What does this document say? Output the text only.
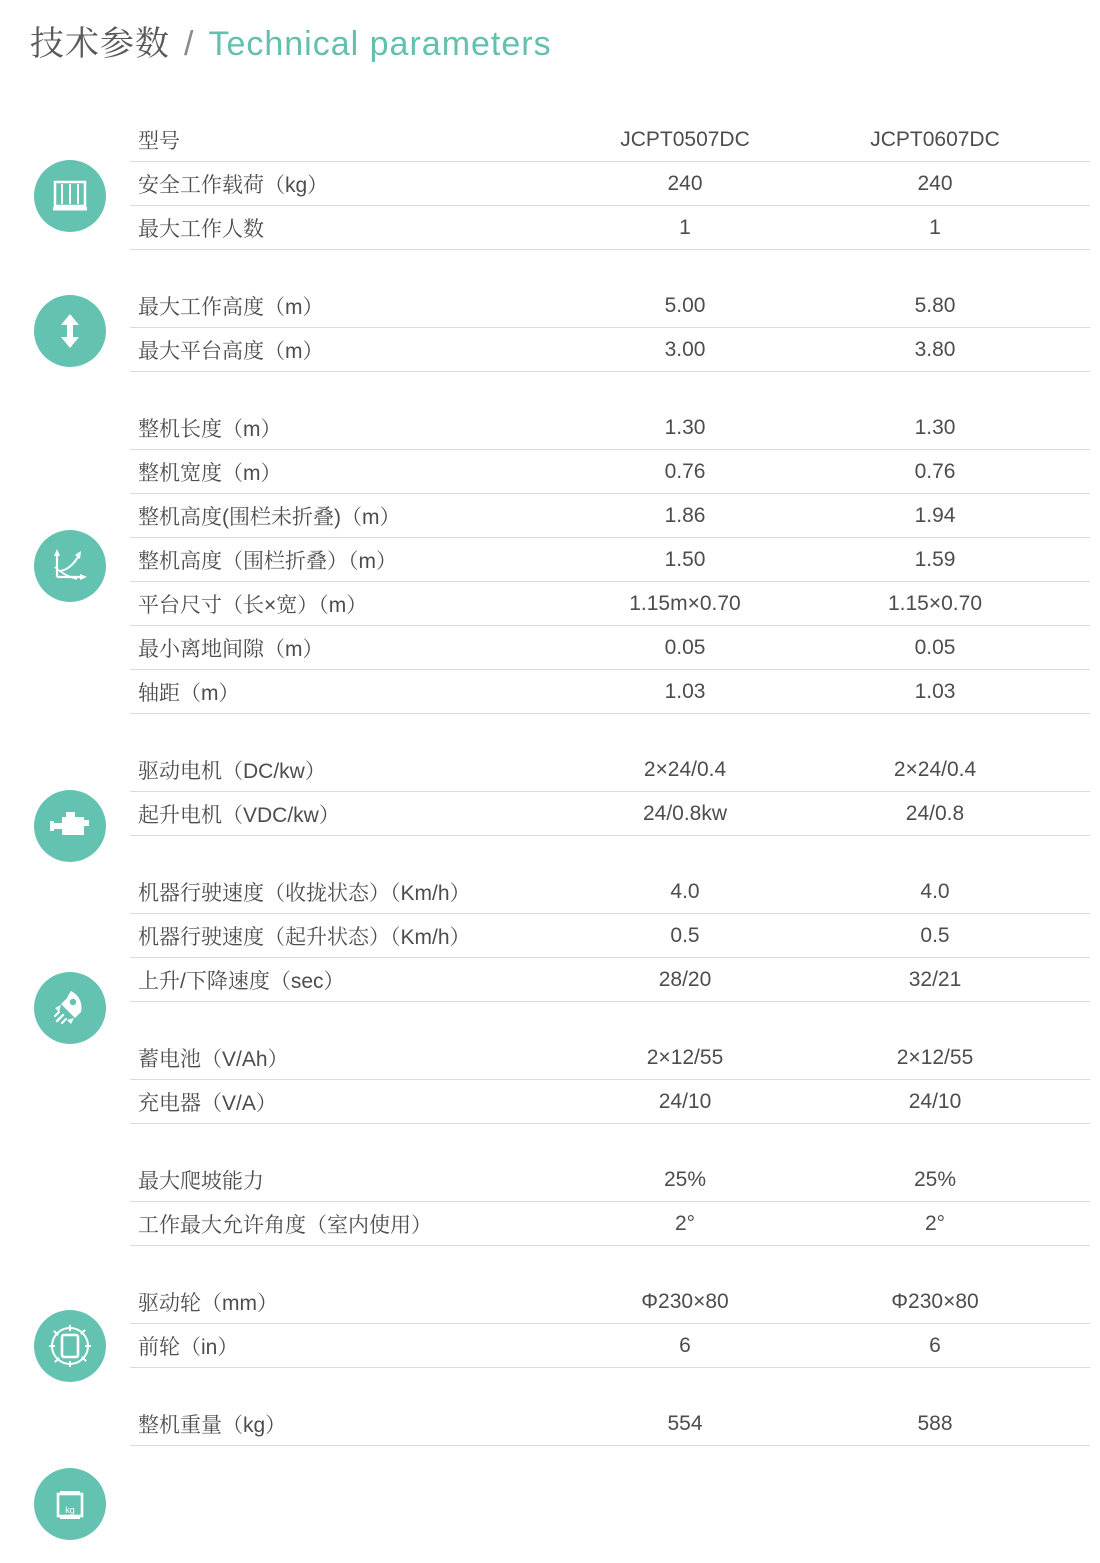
技术参数 / Technical parameters
kg
型号	JCPT0507DC	JCPT0607DC
安全工作载荷（kg）	240	240
最大工作人数	1	1
最大工作高度（m）	5.00	5.80
最大平台高度（m）	3.00	3.80
整机长度（m）	1.30	1.30
整机宽度（m）	0.76	0.76
整机高度(围栏未折叠)（m）	1.86	1.94
整机高度（围栏折叠）（m）	1.50	1.59
平台尺寸（长×宽）（m）	1.15m×0.70	1.15×0.70
最小离地间隙（m）	0.05	0.05
轴距（m）	1.03	1.03
驱动电机（DC/kw）	2×24/0.4	2×24/0.4
起升电机（VDC/kw）	24/0.8kw	24/0.8
机器行驶速度（收拢状态）（Km/h）	4.0	4.0
机器行驶速度（起升状态）（Km/h）	0.5	0.5
上升/下降速度（sec）	28/20	32/21
蓄电池（V/Ah）	2×12/55	2×12/55
充电器（V/A）	24/10	24/10
最大爬坡能力	25%	25%
工作最大允许角度（室内使用）	2°	2°
驱动轮（mm）	Φ230×80	Φ230×80
前轮（in）	6	6
整机重量（kg）	554	588
